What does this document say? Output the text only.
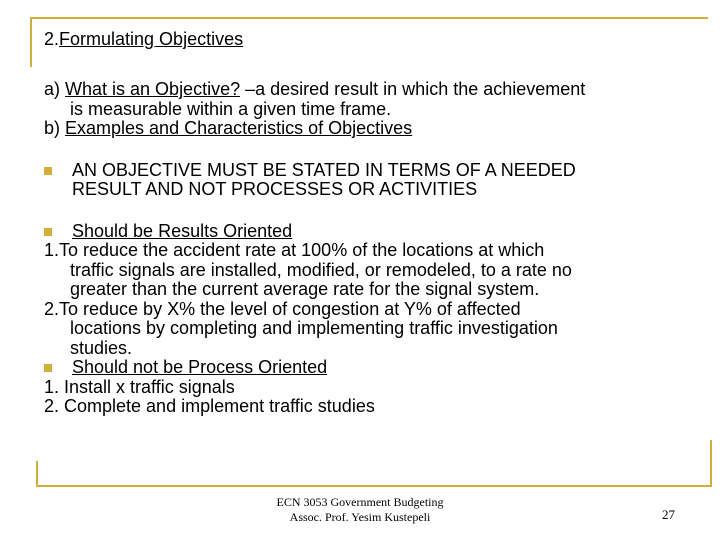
2.Formulating Objectives
a) What is an Objective? –a desired result in which the achievement
is measurable within a given time frame.
b) Examples and Characteristics of Objectives
AN OBJECTIVE MUST BE STATED IN TERMS OF A NEEDED
RESULT AND NOT PROCESSES OR ACTIVITIES
Should be Results Oriented
1.To reduce the accident rate at 100% of the locations at which
traffic signals are installed, modified, or remodeled, to a rate no
greater than the current average rate for the signal system.
2.To reduce by X% the level of congestion at Y% of affected
locations by completing and implementing traffic investigation
studies.
Should not be Process Oriented
1. Install x traffic signals
2. Complete and implement traffic studies
ECN 3053 Government Budgeting
Assoc. Prof. Yesim Kustepeli	27
